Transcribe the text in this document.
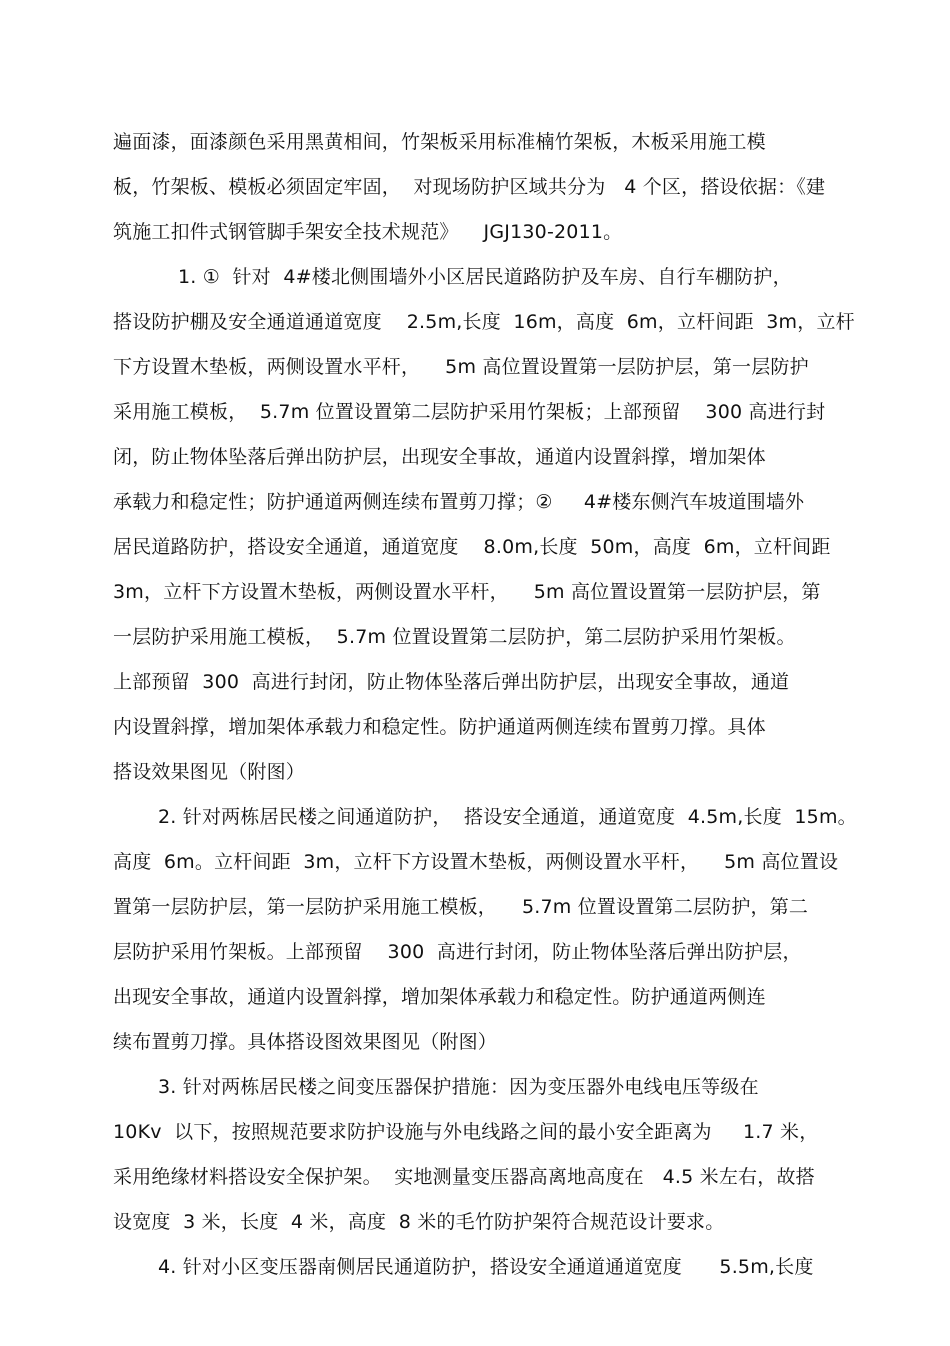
遍面漆，面漆颜色采用黑黄相间，竹架板采用标准楠竹架板，木板采用施工模
板，竹架板、模板必须固定牢固，  对现场防护区域共分为   4 个区，搭设依据：《建
筑施工扣件式钢管脚手架安全技术规范》    JGJ130-2011。
1. ①  针对  4#楼北侧围墙外小区居民道路防护及车房、自行车棚防护，
搭设防护棚及安全通道通道宽度    2.5m,长度  16m，高度  6m，立杆间距  3m，立杆
下方设置木垫板，两侧设置水平杆，    5m 高位置设置第一层防护层，第一层防护
采用施工模板，  5.7m 位置设置第二层防护采用竹架板；上部预留    300 高进行封
闭，防止物体坠落后弹出防护层，出现安全事故，通道内设置斜撑，增加架体
承载力和稳定性；防护通道两侧连续布置剪刀撑；②     4#楼东侧汽车坡道围墙外
居民道路防护，搭设安全通道，通道宽度    8.0m,长度  50m，高度  6m，立杆间距
3m，立杆下方设置木垫板，两侧设置水平杆，    5m 高位置设置第一层防护层，第
一层防护采用施工模板，  5.7m 位置设置第二层防护，第二层防护采用竹架板。
上部预留  300  高进行封闭，防止物体坠落后弹出防护层，出现安全事故，通道
内设置斜撑，增加架体承载力和稳定性。防护通道两侧连续布置剪刀撑。具体
搭设效果图见（附图）
2. 针对两栋居民楼之间通道防护，  搭设安全通道，通道宽度  4.5m,长度  15m。
高度  6m。立杆间距  3m，立杆下方设置木垫板，两侧设置水平杆，    5m 高位置设
置第一层防护层，第一层防护采用施工模板，    5.7m 位置设置第二层防护，第二
层防护采用竹架板。上部预留    300  高进行封闭，防止物体坠落后弹出防护层，
出现安全事故，通道内设置斜撑，增加架体承载力和稳定性。防护通道两侧连
续布置剪刀撑。具体搭设图效果图见（附图）
3. 针对两栋居民楼之间变压器保护措施：因为变压器外电线电压等级在
10Kv  以下，按照规范要求防护设施与外电线路之间的最小安全距离为     1.7 米，
采用绝缘材料搭设安全保护架。  实地测量变压器高离地高度在   4.5 米左右，故搭
设宽度  3 米，长度  4 米，高度  8 米的毛竹防护架符合规范设计要求。
4. 针对小区变压器南侧居民通道防护，搭设安全通道通道宽度      5.5m,长度
